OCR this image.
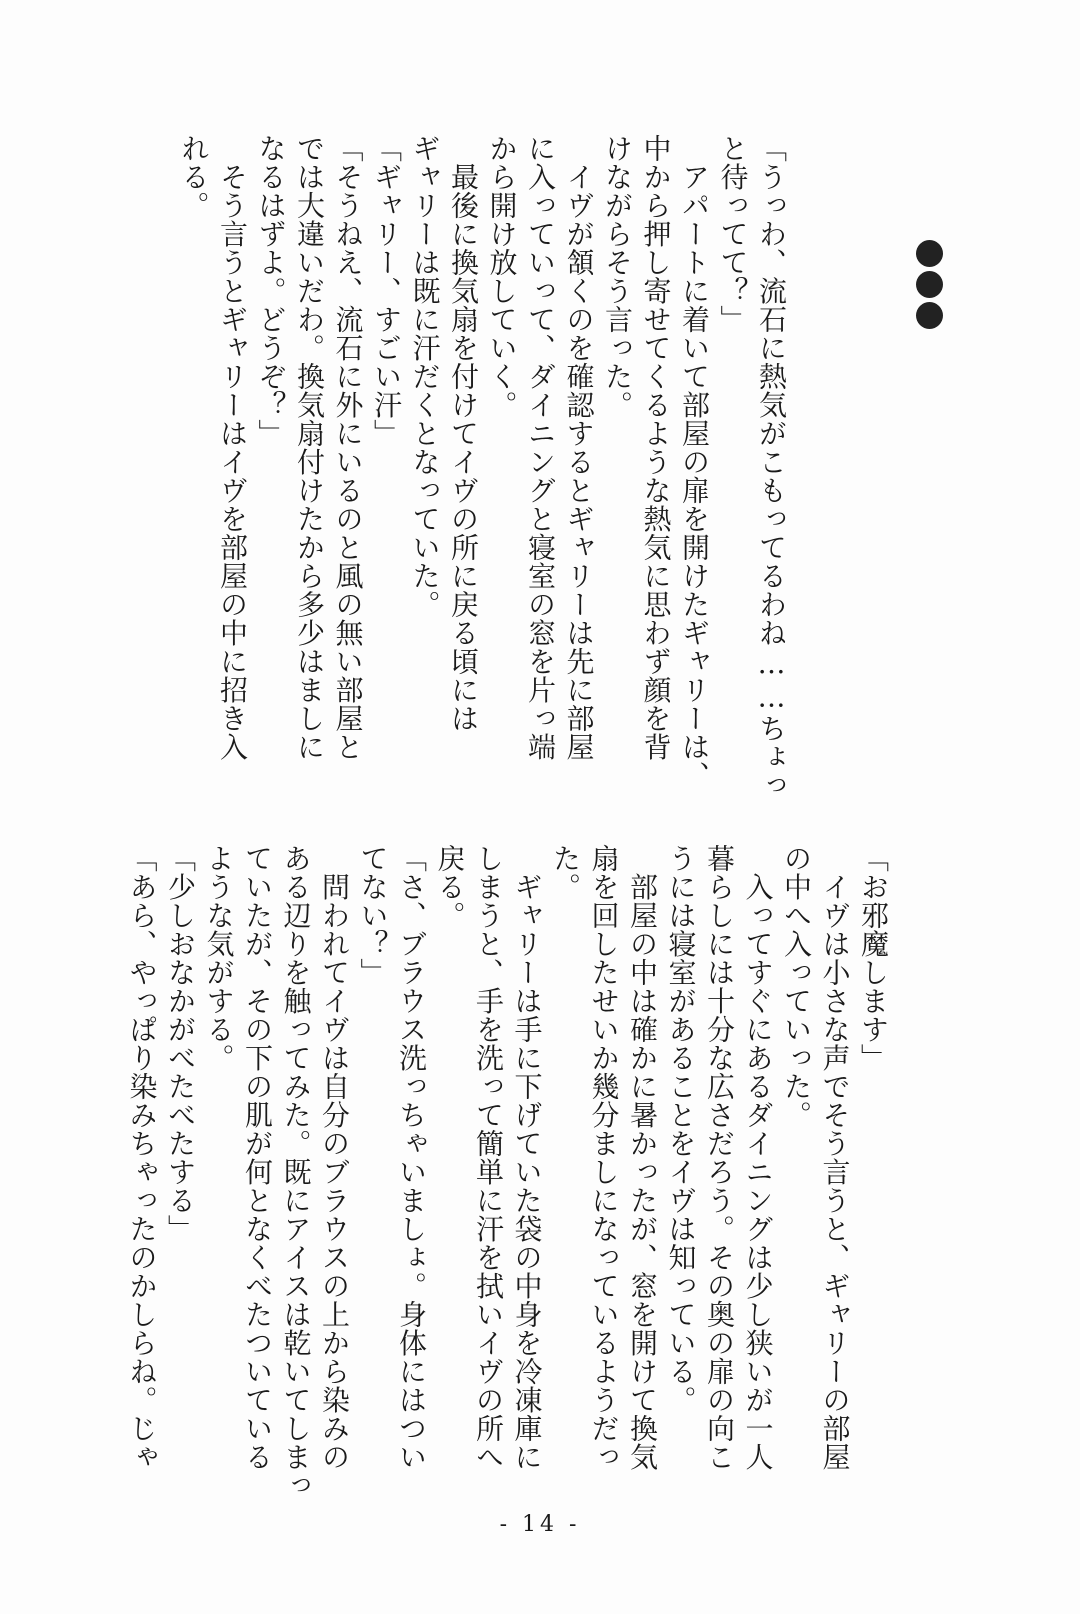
「うっわ、流石に熱気がこもってるわね……ちょっ
と待ってて？」
　アパートに着いて部屋の扉を開けたギャリーは、
中から押し寄せてくるような熱気に思わず顔を背
けながらそう言った。
　イヴが頷くのを確認するとギャリーは先に部屋
に入っていって、ダイニングと寝室の窓を片っ端
から開け放していく。
　最後に換気扇を付けてイヴの所に戻る頃には
ギャリーは既に汗だくとなっていた。
「ギャリー、すごい汗」
「そうねえ、流石に外にいるのと風の無い部屋と
では大違いだわ。換気扇付けたから多少はましに
なるはずよ。どうぞ？」
　そう言うとギャリーはイヴを部屋の中に招き入
れる。
「お邪魔します」
　イヴは小さな声でそう言うと、ギャリーの部屋
の中へ入っていった。
　入ってすぐにあるダイニングは少し狭いが一人
暮らしには十分な広さだろう。その奥の扉の向こ
うには寝室があることをイヴは知っている。
　部屋の中は確かに暑かったが、窓を開けて換気
扇を回したせいか幾分ましになっているようだっ
た。
　ギャリーは手に下げていた袋の中身を冷凍庫に
しまうと、手を洗って簡単に汗を拭いイヴの所へ
戻る。
「さ、ブラウス洗っちゃいましょ。身体にはつい
てない？」
　問われてイヴは自分のブラウスの上から染みの
ある辺りを触ってみた。既にアイスは乾いてしまっ
ていたが、その下の肌が何となくべたついている
ような気がする。
「少しおなかがべたべたする」
「あら、やっぱり染みちゃったのかしらね。じゃ
- 14 -
